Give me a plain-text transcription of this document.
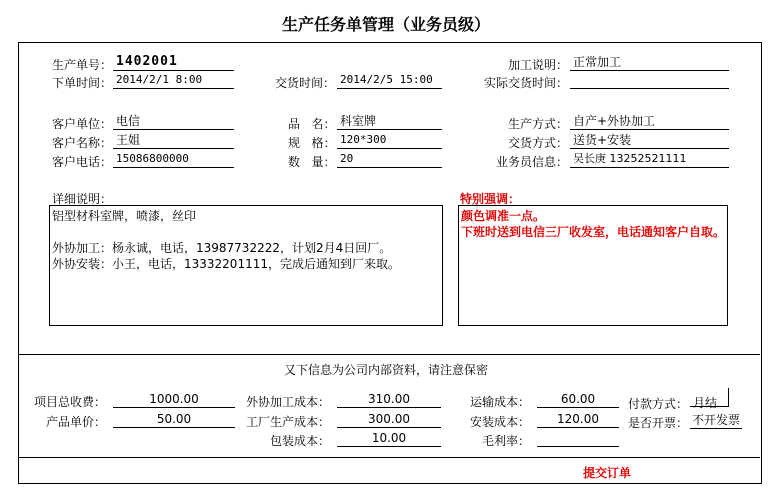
生产任务单管理（业务员级）
生产单号： 1402001	加工说明： 正常加工
下单时间： 2014/2/1 8:00	交货时间： 2014/2/5 15:00	实际交货时间：
客户单位： 电信	品   名： 科室牌	生产方式： 自产+外协加工
客户名称： 王姐	规   格： 120*300	交货方式： 送货+安装
客户电话： 15086800000	数   量： 20	业务员信息： 吴长庚 13252521111
详细说明：

铝型材科室牌，喷漆，丝印

外协加工：杨永诚，电话，13987732222，计划2月4日回厂。

外协安装：小王，电话，13332201111，完成后通知到厂来取。

特别强调：

颜色调准一点。

下班时送到电信三厂收发室，电话通知客户自取。

又下信息为公司内部资料，请注意保密
项目总收费：	1000.00
产品单价：	50.00
外协加工成本：	310.00
工厂生产成本：	300.00
包装成本：	10.00
运输成本：	60.00
安装成本：	120.00
毛利率：
付款方式： 月结
是否开票： 不开发票
提交订单
